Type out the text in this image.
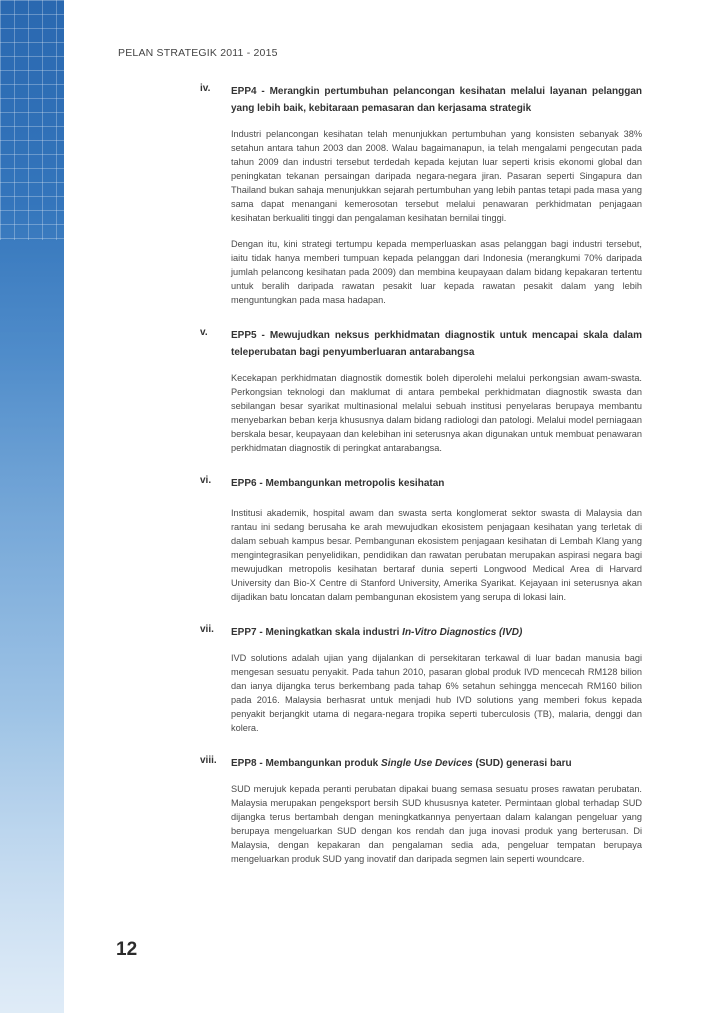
PELAN STRATEGIK 2011 - 2015
iv.	EPP4 - Merangkin pertumbuhan pelancongan kesihatan melalui layanan pelanggan yang lebih baik, kebitaraan pemasaran dan kerjasama strategik

Industri pelancongan kesihatan telah menunjukkan pertumbuhan yang konsisten sebanyak 38% setahun antara tahun 2003 dan 2008. Walau bagaimanapun, ia telah mengalami pengecutan pada tahun 2009 dan industri tersebut terdedah kepada kejutan luar seperti krisis ekonomi global dan peningkatan tekanan persaingan daripada negara-negara jiran. Pasaran seperti Singapura dan Thailand bukan sahaja menunjukkan sejarah pertumbuhan yang lebih pantas tetapi pada masa yang sama dapat menangani kemerosotan tersebut melalui penawaran perkhidmatan penjagaan kesihatan berkualiti tinggi dan pengalaman kesihatan bernilai tinggi.

Dengan itu, kini strategi tertumpu kepada memperluaskan asas pelanggan bagi industri tersebut, iaitu tidak hanya memberi tumpuan kepada pelanggan dari Indonesia (merangkumi 70% daripada jumlah pelancong kesihatan pada 2009) dan membina keupayaan dalam bidang kepakaran tertentu untuk beralih daripada rawatan pesakit luar kepada rawatan pesakit dalam yang lebih menguntungkan pada masa hadapan.

v.	EPP5 - Mewujudkan neksus perkhidmatan diagnostik untuk mencapai skala dalam teleperubatan bagi penyumberluaran antarabangsa

Kecekapan perkhidmatan diagnostik domestik boleh diperolehi melalui perkongsian awam-swasta. Perkongsian teknologi dan maklumat di antara pembekal perkhidmatan diagnostik swasta dan sebilangan besar syarikat multinasional melalui sebuah institusi penyelaras berupaya membantu menyebarkan beban kerja khususnya dalam bidang radiologi dan patologi. Melalui model perniagaan berskala besar, keupayaan dan kelebihan ini seterusnya akan digunakan untuk membuat penawaran perkhidmatan diagnostik di peringkat antarabangsa.

vi.	EPP6 - Membangunkan metropolis kesihatan

Institusi akademik, hospital awam dan swasta serta konglomerat sektor swasta di Malaysia dan rantau ini sedang berusaha ke arah mewujudkan ekosistem penjagaan kesihatan yang terletak di dalam sebuah kampus besar. Pembangunan ekosistem penjagaan kesihatan di Lembah Klang yang mengintegrasikan penyelidikan, pendidikan dan rawatan perubatan merupakan aspirasi negara bagi mewujudkan metropolis kesihatan bertaraf dunia seperti Longwood Medical Area di Harvard University dan Bio-X Centre di Stanford University, Amerika Syarikat. Kejayaan ini seterusnya akan dijadikan batu loncatan dalam pembangunan ekosistem yang serupa di lokasi lain.

vii.	EPP7 - Meningkatkan skala industri In-Vitro Diagnostics (IVD)

IVD solutions adalah ujian yang dijalankan di persekitaran terkawal di luar badan manusia bagi mengesan sesuatu penyakit. Pada tahun 2010, pasaran global produk IVD mencecah RM128 bilion dan ianya dijangka terus berkembang pada tahap 6% setahun sehingga mencecah RM160 bilion pada 2016. Malaysia berhasrat untuk menjadi hub IVD solutions yang memberi fokus kepada penyakit berjangkit utama di negara-negara tropika seperti tuberculosis (TB), malaria, denggi dan kolera.

viii.	EPP8 - Membangunkan produk Single Use Devices (SUD) generasi baru

SUD merujuk kepada peranti perubatan dipakai buang semasa sesuatu proses rawatan perubatan. Malaysia merupakan pengeksport bersih SUD khususnya kateter. Permintaan global terhadap SUD dijangka terus bertambah dengan meningkatkannya penyertaan dalam kalangan pengeluar yang berupaya mengeluarkan SUD dengan kos rendah dan juga inovasi produk yang berterusan. Di Malaysia, dengan kepakaran dan pengalaman sedia ada, pengeluar tempatan berupaya mengeluarkan produk SUD yang inovatif dan daripada segmen lain seperti woundcare.

12
